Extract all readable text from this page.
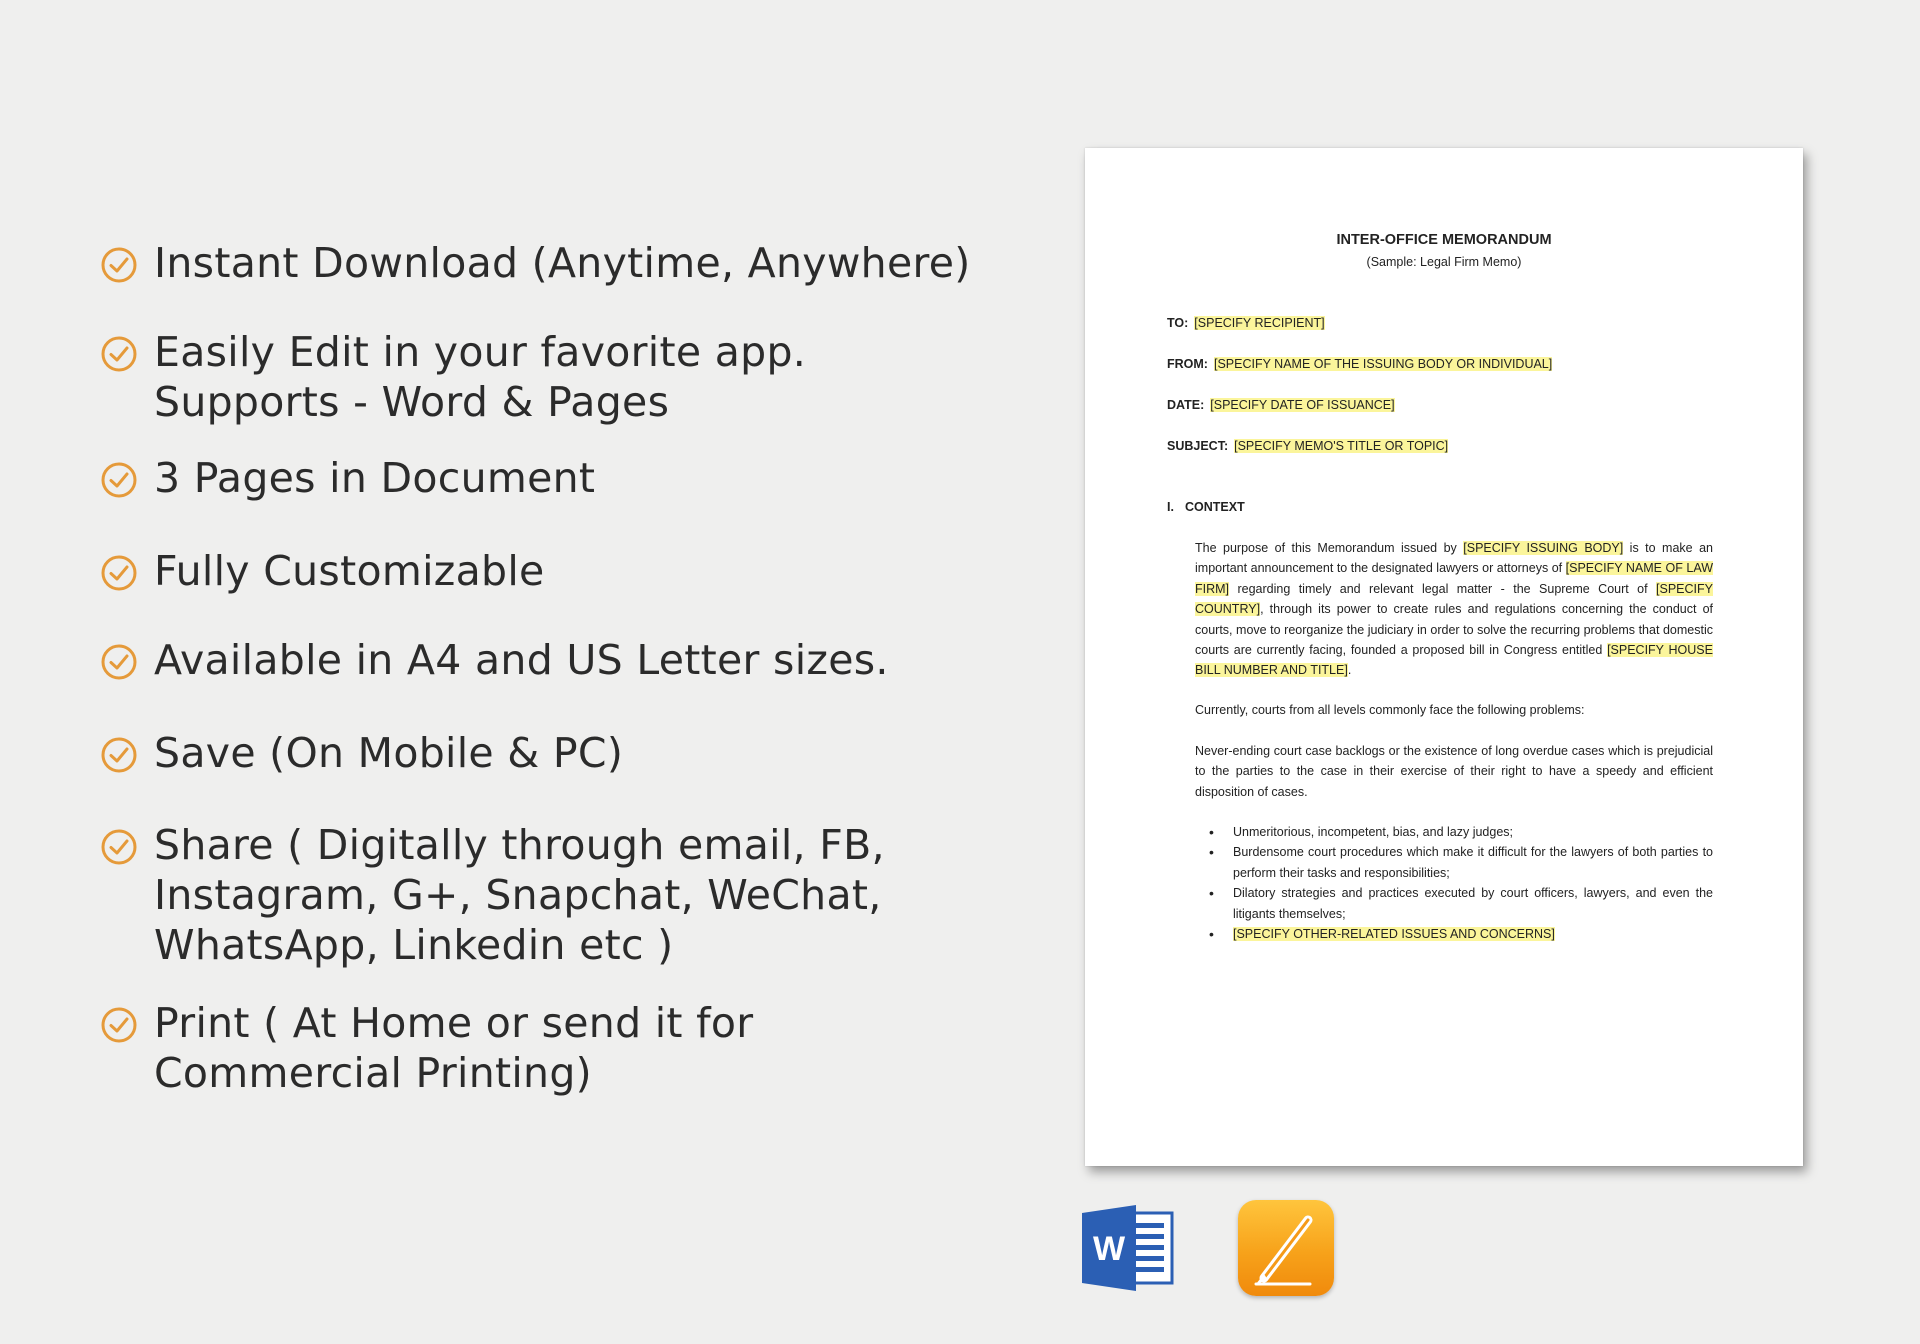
Instant Download (Anytime, Anywhere)
Easily Edit in your favorite app.
Supports - Word & Pages
3 Pages in Document
Fully Customizable
Available in A4 and US Letter sizes.
Save (On Mobile & PC)
Share ( Digitally through email, FB,
Instagram, G+, Snapchat, WeChat,
WhatsApp, Linkedin etc )
Print ( At Home or send it for
Commercial Printing)
INTER-OFFICE MEMORANDUM
(Sample: Legal Firm Memo)
TO: [SPECIFY RECIPIENT]
FROM: [SPECIFY NAME OF THE ISSUING BODY OR INDIVIDUAL]
DATE: [SPECIFY DATE OF ISSUANCE]
SUBJECT: [SPECIFY MEMO'S TITLE OR TOPIC]
I. CONTEXT
The purpose of this Memorandum issued by [SPECIFY ISSUING BODY] is to make an important announcement to the designated lawyers or attorneys of [SPECIFY NAME OF LAW FIRM] regarding timely and relevant legal matter - the Supreme Court of [SPECIFY COUNTRY], through its power to create rules and regulations concerning the conduct of courts, move to reorganize the judiciary in order to solve the recurring problems that domestic courts are currently facing, founded a proposed bill in Congress entitled [SPECIFY HOUSE BILL NUMBER AND TITLE].
Currently, courts from all levels commonly face the following problems:
Never-ending court case backlogs or the existence of long overdue cases which is prejudicial to the parties to the case in their exercise of their right to have a speedy and efficient disposition of cases.
• Unmeritorious, incompetent, bias, and lazy judges;
• Burdensome court procedures which make it difficult for the lawyers of both parties to perform their tasks and responsibilities;
• Dilatory strategies and practices executed by court officers, lawyers, and even the litigants themselves;
• [SPECIFY OTHER-RELATED ISSUES AND CONCERNS]
W
